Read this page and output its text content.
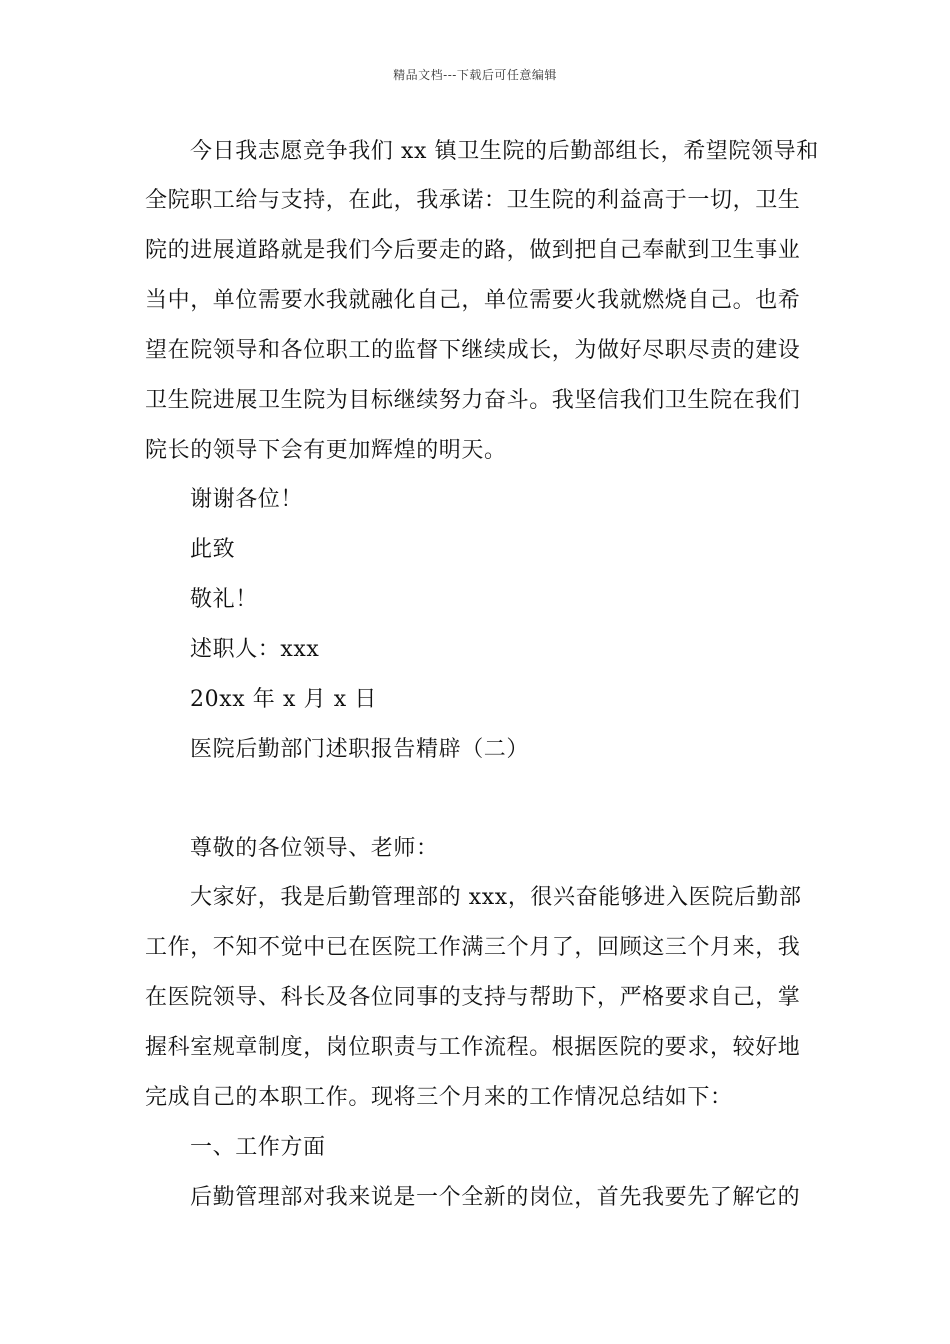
精品文档---下载后可任意编辑
今日我志愿竞争我们 xx 镇卫生院的后勤部组长，希望院领导和
全院职工给与支持，在此，我承诺：卫生院的利益高于一切，卫生
院的进展道路就是我们今后要走的路，做到把自己奉献到卫生事业
当中，单位需要水我就融化自己，单位需要火我就燃烧自己。也希
望在院领导和各位职工的监督下继续成长，为做好尽职尽责的建设
卫生院进展卫生院为目标继续努力奋斗。我坚信我们卫生院在我们
院长的领导下会有更加辉煌的明天。
谢谢各位！
此致
敬礼！
述职人：xxx
20xx 年 x 月 x 日
医院后勤部门述职报告精辟（二）
尊敬的各位领导、老师：
大家好，我是后勤管理部的 xxx，很兴奋能够进入医院后勤部
工作，不知不觉中已在医院工作满三个月了，回顾这三个月来，我
在医院领导、科长及各位同事的支持与帮助下，严格要求自己，掌
握科室规章制度，岗位职责与工作流程。根据医院的要求，较好地
完成自己的本职工作。现将三个月来的工作情况总结如下：
一、工作方面
后勤管理部对我来说是一个全新的岗位，首先我要先了解它的
